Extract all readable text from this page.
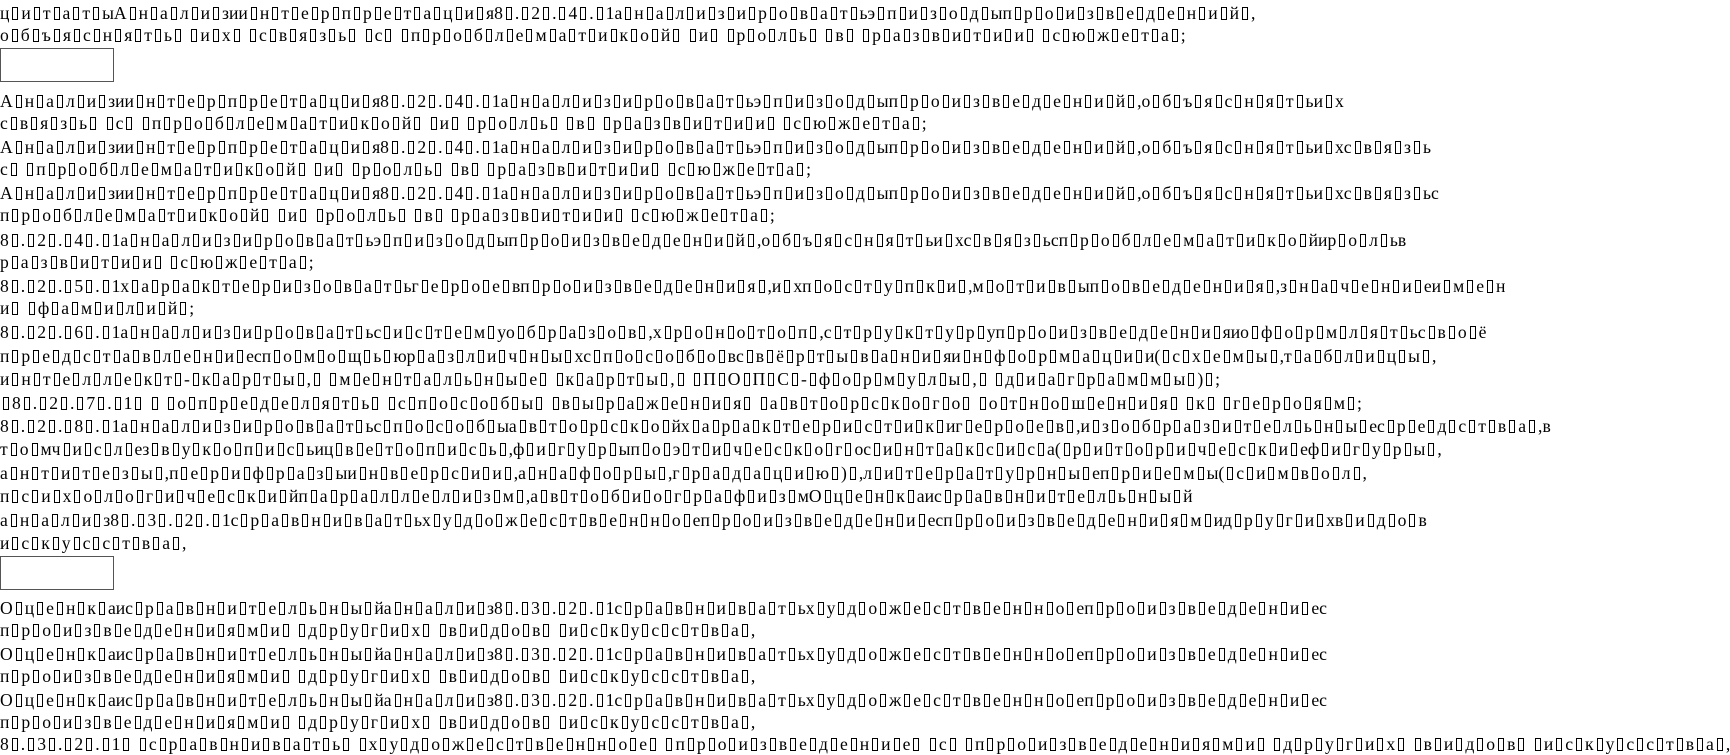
ц и т а т ы А н а л и з и и н т е р п р е т а ц и я 8 . 2 . 4 . 1 а н а л и з и р о в а т ь э п и з о д ы п р о и з в е д е н и й ,
о б ъ я с н я т ь и х с в я з ь с п р о б л е м а т и к о й и р о л ь в р а з в и т и и с ю ж е т а ;
А н а л и з и и н т е р п р е т а ц и я 8 . 2 . 4 . 1 а н а л и з и р о в а т ь э п и з о д ы п р о и з в е д е н и й , о б ъ я с н я т ь и х
с в я з ь с п р о б л е м а т и к о й и р о л ь в р а з в и т и и с ю ж е т а ;
А н а л и з и и н т е р п р е т а ц и я 8 . 2 . 4 . 1 а н а л и з и р о в а т ь э п и з о д ы п р о и з в е д е н и й , о б ъ я с н я т ь и х с в я з ь
с п р о б л е м а т и к о й и р о л ь в р а з в и т и и с ю ж е т а ;
А н а л и з и и н т е р п р е т а ц и я 8 . 2 . 4 . 1 а н а л и з и р о в а т ь э п и з о д ы п р о и з в е д е н и й , о б ъ я с н я т ь и х с в я з ь с
п р о б л е м а т и к о й и р о л ь в р а з в и т и и с ю ж е т а ;
8 . 2 . 4 . 1 а н а л и з и р о в а т ь э п и з о д ы п р о и з в е д е н и й , о б ъ я с н я т ь и х с в я з ь с п р о б л е м а т и к о й и р о л ь в
р а з в и т и и с ю ж е т а ;
8 . 2 . 5 . 1 х а р а к т е р и з о в а т ь г е р о е в п р о и з в е д е н и я , и х п о с т у п к и , м о т и в ы п о в е д е н и я , з н а ч е н и е и м е н
и ф а м и л и й ;
8 . 2 . 6 . 1 а н а л и з и р о в а т ь с и с т е м у о б р а з о в , х р о н о т о п , с т р у к т у р у п р о и з в е д е н и я и о ф о р м л я т ь с в о ё
п р е д с т а в л е н и е с п о м о щ ь ю р а з л и ч н ы х с п о с о б о в с в ё р т ы в а н и я и н ф о р м а ц и и ( с х е м ы , т а б л и ц ы ,
и н т е л л е к т - к а р т ы , м е н т а л ь н ы е к а р т ы , П О П С - ф о р м у л ы , д и а г р а м м ы ) ;
8 . 2 . 7 . 1	о п р е д е л я т ь с п о с о б ы в ы р а ж е н и я а в т о р с к о г о о т н о ш е н и я к г е р о я м ;
8 . 2 . 8 . 1 а н а л и з и р о в а т ь с п о с о б ы а в т о р с к о й х а р а к т е р и с т и к и г е р о е в , и з о б р а з и т е л ь н ы е с р е д с т в а , в
т о м ч и с л е з в у к о п и с ь и ц в е т о п и с ь , ф и г у р ы п о э т и ч е с к о г о с и н т а к с и с а ( р и т о р и ч е с к и е ф и г у р ы ,
а н т и т е з ы , п е р и ф р а з ы и н в е р с и и , а н а ф о р ы , г р а д а ц и ю ) , л и т е р а т у р н ы е п р и е м ы ( с и м в о л ,
п с и х о л о г и ч е с к и й п а р а л л е л и з м , а в т о б и о г р а ф и з м О ц е н к а и с р а в н и т е л ь н ы й
а н а л и з 8 . 3 . 2 . 1 с р а в н и в а т ь х у д о ж е с т в е н н о е п р о и з в е д е н и е с п р о и з в е д е н и я м и д р у г и х в и д о в
и с к у с с т в а ,
О ц е н к а и с р а в н и т е л ь н ы й а н а л и з 8 . 3 . 2 . 1 с р а в н и в а т ь х у д о ж е с т в е н н о е п р о и з в е д е н и е с
п р о и з в е д е н и я м и д р у г и х в и д о в и с к у с с т в а ,
О ц е н к а и с р а в н и т е л ь н ы й а н а л и з 8 . 3 . 2 . 1 с р а в н и в а т ь х у д о ж е с т в е н н о е п р о и з в е д е н и е с
п р о и з в е д е н и я м и д р у г и х в и д о в и с к у с с т в а ,
О ц е н к а и с р а в н и т е л ь н ы й а н а л и з 8 . 3 . 2 . 1 с р а в н и в а т ь х у д о ж е с т в е н н о е п р о и з в е д е н и е с
п р о и з в е д е н и я м и д р у г и х в и д о в и с к у с с т в а ,
8 . 3 . 2 . 1 с р а в н и в а т ь х у д о ж е с т в е н н о е п р о и з в е д е н и е с п р о и з в е д е н и я м и д р у г и х в и д о в и с к у с с т в а ,
